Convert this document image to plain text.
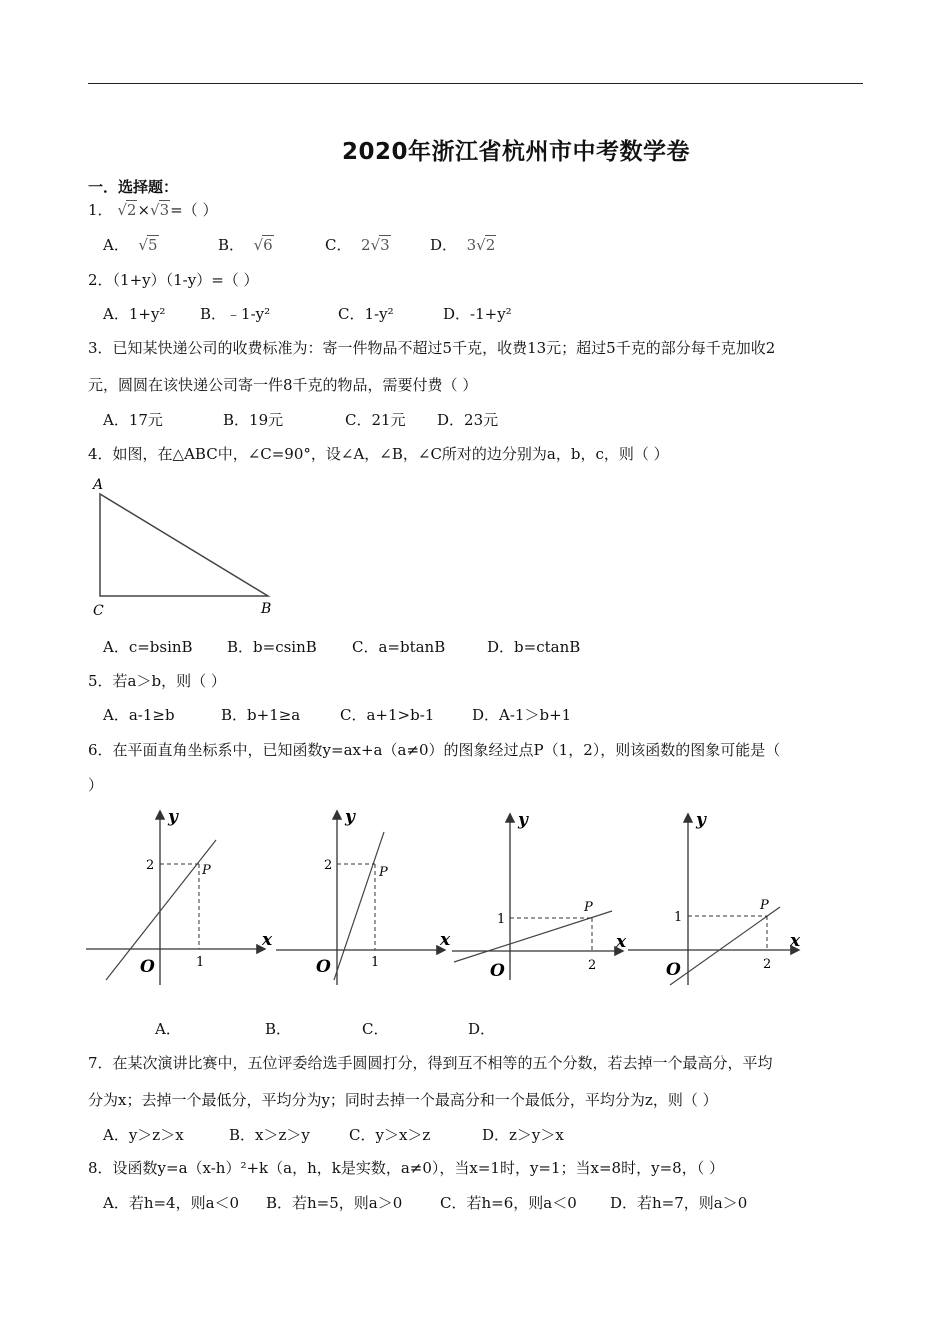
2020年浙江省杭州市中考数学卷
一．选择题：
1． √2×√3=（ ）
A． √5	B． √6	C． 2√3	D． 3√2
2．（1+y）（1-y）=（ ）
A．1+y² B．﹣1-y²	C．1-y²	D．-1+y²
3．已知某快递公司的收费标准为：寄一件物品不超过5千克，收费13元；超过5千克的部分每千克加收2
元，圆圆在该快递公司寄一件8千克的物品，需要付费（ ）
A．17元	B．19元	C．21元 D．23元
4．如图，在△ABC中，∠C=90°，设∠A，∠B，∠C所对的边分别为a，b，c，则（ ）
A
C	B
A．c=bsinB B．b=csinB C．a=btanB	D．b=ctanB
5．若a＞b，则（ ）
A．a-1≥b	B．b+1≥a	C．a+1>b-1	D．A-1＞b+1
6．在平面直角坐标系中，已知函数y=ax+a（a≠0）的图象经过点P（1，2），则该函数的图象可能是（
）
2
1
P
O
x
y
2
1
P
O
x
y
1
2
P
O
x
y
1
2
P
O
x
y
A．	B．	C．	D．
7．在某次演讲比赛中，五位评委给选手圆圆打分，得到互不相等的五个分数，若去掉一个最高分，平均
分为x；去掉一个最低分，平均分为y；同时去掉一个最高分和一个最低分，平均分为z，则（ ）
A．y＞z＞x	B．x＞z＞y	C．y＞x＞z	D．z＞y＞x
8．设函数y=a（x-h）²+k（a，h，k是实数，a≠0），当x=1时，y=1；当x=8时，y=8，（ ）
A．若h=4，则a＜0 B．若h=5，则a＞0	C．若h=6，则a＜0 D．若h=7，则a＞0
